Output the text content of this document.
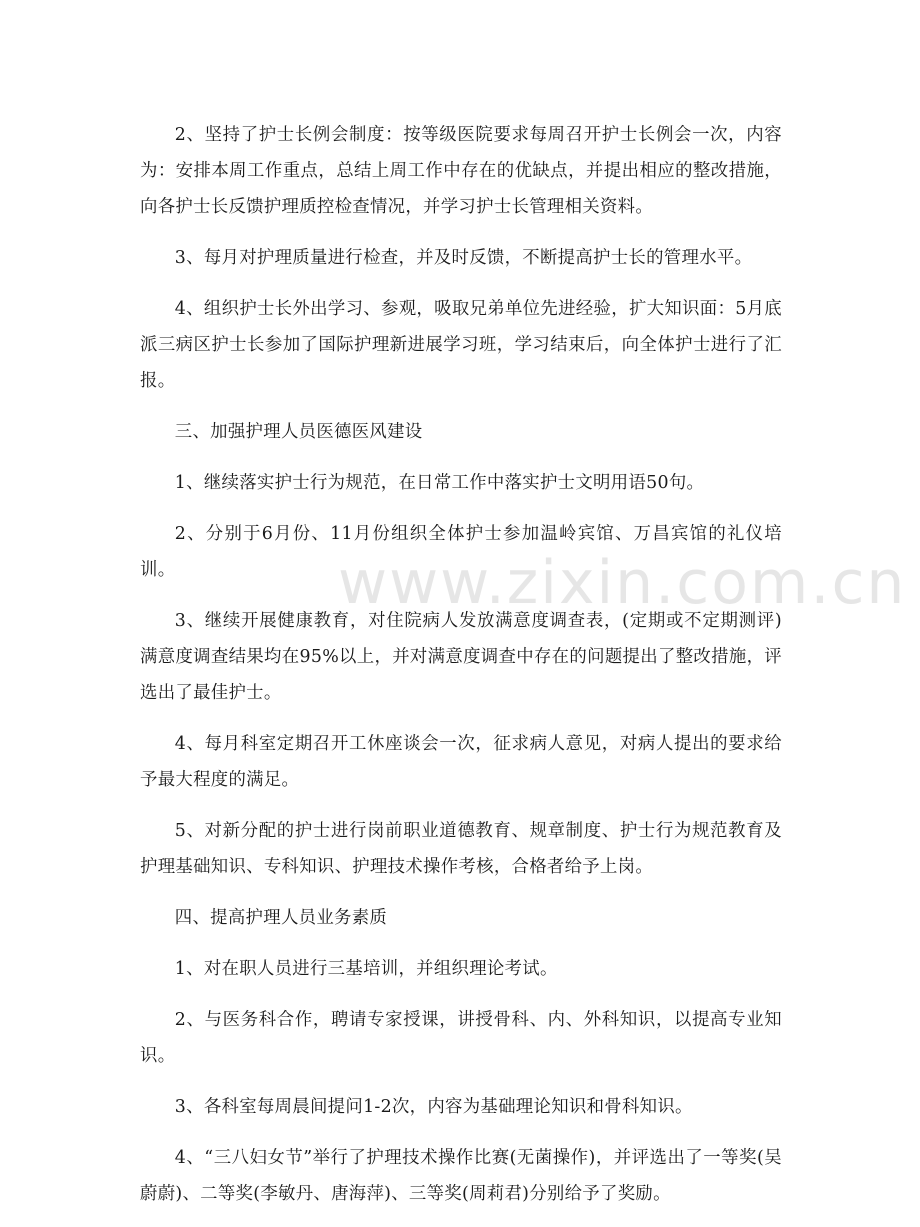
2、坚持了护士长例会制度：按等级医院要求每周召开护士长例会一次，内容为：安排本周工作重点，总结上周工作中存在的优缺点，并提出相应的整改措施，向各护士长反馈护理质控检查情况，并学习护士长管理相关资料。

3、每月对护理质量进行检查，并及时反馈，不断提高护士长的管理水平。

4、组织护士长外出学习、参观，吸取兄弟单位先进经验，扩大知识面：5月底派三病区护士长参加了国际护理新进展学习班，学习结束后，向全体护士进行了汇报。

三、加强护理人员医德医风建设

1、继续落实护士行为规范，在日常工作中落实护士文明用语50句。

2、分别于6月份、11月份组织全体护士参加温岭宾馆、万昌宾馆的礼仪培训。

3、继续开展健康教育，对住院病人发放满意度调查表，(定期或不定期测评)满意度调查结果均在95%以上，并对满意度调查中存在的问题提出了整改措施，评选出了最佳护士。

4、每月科室定期召开工休座谈会一次，征求病人意见，对病人提出的要求给予最大程度的满足。

5、对新分配的护士进行岗前职业道德教育、规章制度、护士行为规范教育及护理基础知识、专科知识、护理技术操作考核，合格者给予上岗。

四、提高护理人员业务素质

1、对在职人员进行三基培训，并组织理论考试。

2、与医务科合作，聘请专家授课，讲授骨科、内、外科知识，以提高专业知识。

3、各科室每周晨间提问1-2次，内容为基础理论知识和骨科知识。

4、“三八妇女节”举行了护理技术操作比赛(无菌操作)，并评选出了一等奖(吴蔚蔚)、二等奖(李敏丹、唐海萍)、三等奖(周莉君)分别给予了奖励。

www.zixin.com.cn
